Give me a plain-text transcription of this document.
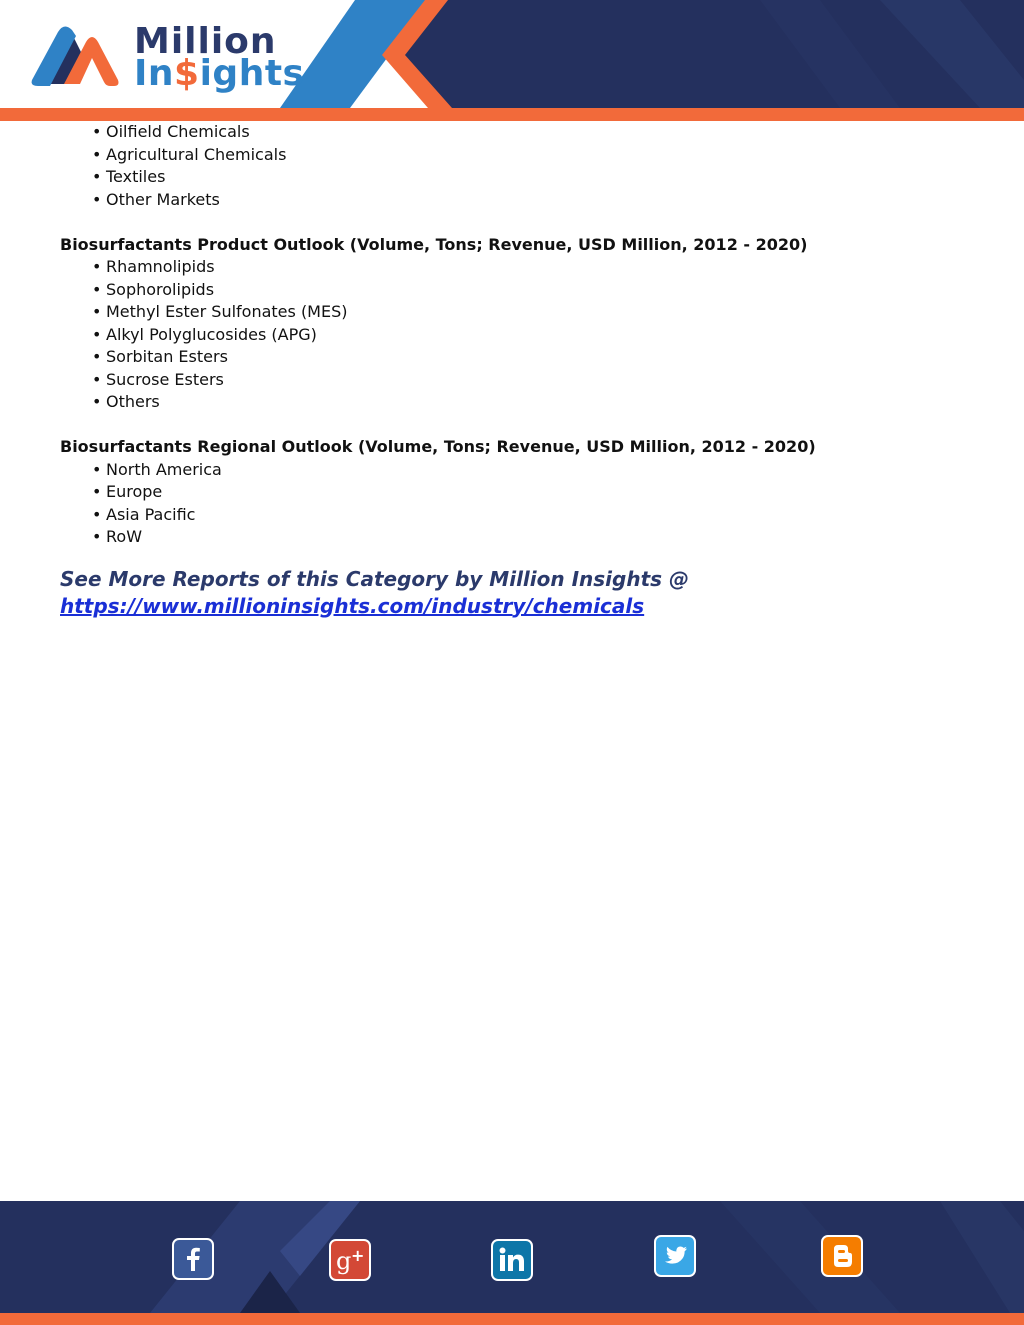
Million
In$ights
• Oilfield Chemicals
• Agricultural Chemicals
• Textiles
• Other Markets

Biosurfactants Product Outlook (Volume, Tons; Revenue, USD Million, 2012 - 2020)

• Rhamnolipids
• Sophorolipids
• Methyl Ester Sulfonates (MES)
• Alkyl Polyglucosides (APG)
• Sorbitan Esters
• Sucrose Esters
• Others

Biosurfactants Regional Outlook (Volume, Tons; Revenue, USD Million, 2012 - 2020)

• North America
• Europe
• Asia Pacific
• RoW
See More Reports of this Category by Million Insights @
https://www.millioninsights.com/industry/chemicals
g +
